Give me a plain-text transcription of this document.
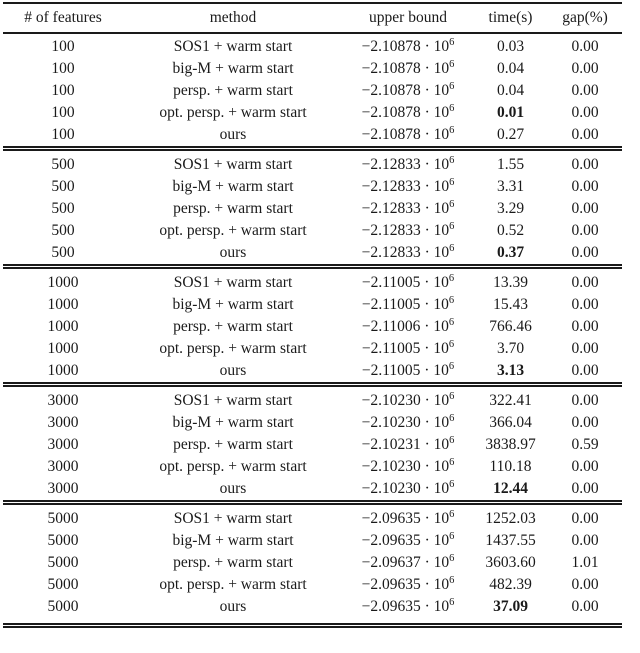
# of features	method	upper bound	time(s)	gap(%)
100	SOS1 + warm start	$-2.10878 \cdot 10^6$	0.03	0.00
100	big-M + warm start	$-2.10878 \cdot 10^6$	0.04	0.00
100	persp. + warm start	$-2.10878 \cdot 10^6$	0.04	0.00
100	opt. persp. + warm start	$-2.10878 \cdot 10^6$	0.01	0.00
100	ours	$-2.10878 \cdot 10^6$	0.27	0.00
500	SOS1 + warm start	$-2.12833 \cdot 10^6$	1.55	0.00
500	big-M + warm start	$-2.12833 \cdot 10^6$	3.31	0.00
500	persp. + warm start	$-2.12833 \cdot 10^6$	3.29	0.00
500	opt. persp. + warm start	$-2.12833 \cdot 10^6$	0.52	0.00
500	ours	$-2.12833 \cdot 10^6$	0.37	0.00
1000	SOS1 + warm start	$-2.11005 \cdot 10^6$	13.39	0.00
1000	big-M + warm start	$-2.11005 \cdot 10^6$	15.43	0.00
1000	persp. + warm start	$-2.11006 \cdot 10^6$	766.46	0.00
1000	opt. persp. + warm start	$-2.11005 \cdot 10^6$	3.70	0.00
1000	ours	$-2.11005 \cdot 10^6$	3.13	0.00
3000	SOS1 + warm start	$-2.10230 \cdot 10^6$	322.41	0.00
3000	big-M + warm start	$-2.10230 \cdot 10^6$	366.04	0.00
3000	persp. + warm start	$-2.10231 \cdot 10^6$	3838.97	0.59
3000	opt. persp. + warm start	$-2.10230 \cdot 10^6$	110.18	0.00
3000	ours	$-2.10230 \cdot 10^6$	12.44	0.00
5000	SOS1 + warm start	$-2.09635 \cdot 10^6$	1252.03	0.00
5000	big-M + warm start	$-2.09635 \cdot 10^6$	1437.55	0.00
5000	persp. + warm start	$-2.09637 \cdot 10^6$	3603.60	1.01
5000	opt. persp. + warm start	$-2.09635 \cdot 10^6$	482.39	0.00
5000	ours	$-2.09635 \cdot 10^6$	37.09	0.00
